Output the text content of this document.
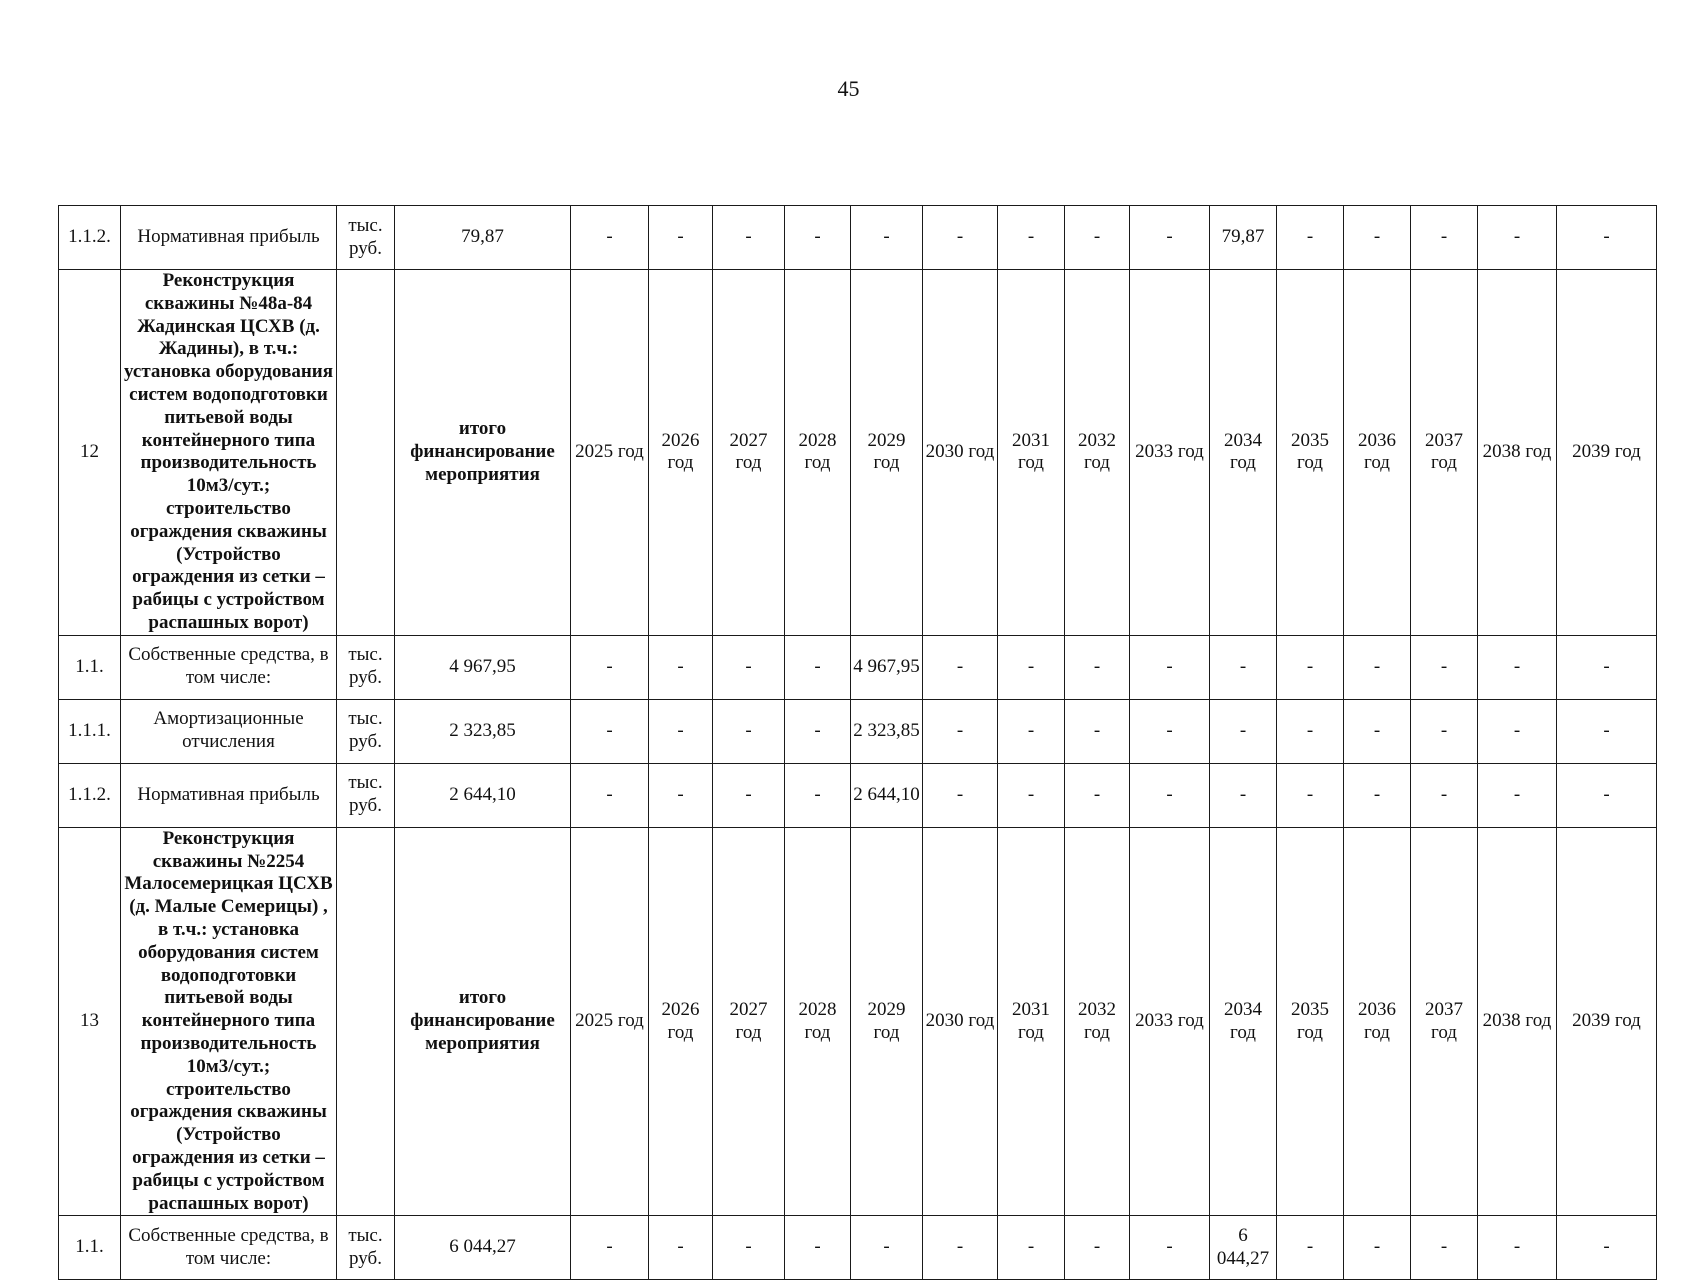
45
1.1.2.	Нормативная прибыль	тыс. руб.	79,87	-	-	-	-	-	-	-	-	-	79,87	-	-	-	-	-
12	Реконструкция скважины №48а-84 Жадинская ЦСХВ (д. Жадины), в т.ч.: установка оборудования систем водоподготовки питьевой воды контейнерного типа производительность 10м3/сут.; строительство ограждения скважины (Устройство ограждения из сетки – рабицы с устройством распашных ворот)		итого финансирование мероприятия	2025 год	2026 год	2027 год	2028 год	2029 год	2030 год	2031 год	2032 год	2033 год	2034 год	2035 год	2036 год	2037 год	2038 год	2039 год
1.1.	Собственные средства, в том числе:	тыс. руб.	4 967,95	-	-	-	-	4 967,95	-	-	-	-	-	-	-	-	-	-
1.1.1.	Амортизационные отчисления	тыс. руб.	2 323,85	-	-	-	-	2 323,85	-	-	-	-	-	-	-	-	-	-
1.1.2.	Нормативная прибыль	тыс. руб.	2 644,10	-	-	-	-	2 644,10	-	-	-	-	-	-	-	-	-	-
13	Реконструкция скважины №2254 Малосемерицкая ЦСХВ (д. Малые Семерицы) , в т.ч.: установка оборудования систем водоподготовки питьевой воды контейнерного типа производительность 10м3/сут.; строительство ограждения скважины (Устройство ограждения из сетки – рабицы с устройством распашных ворот)		итого финансирование мероприятия	2025 год	2026 год	2027 год	2028 год	2029 год	2030 год	2031 год	2032 год	2033 год	2034 год	2035 год	2036 год	2037 год	2038 год	2039 год
1.1.	Собственные средства, в том числе:	тыс. руб.	6 044,27	-	-	-	-	-	-	-	-	-	6 044,27	-	-	-	-	-
